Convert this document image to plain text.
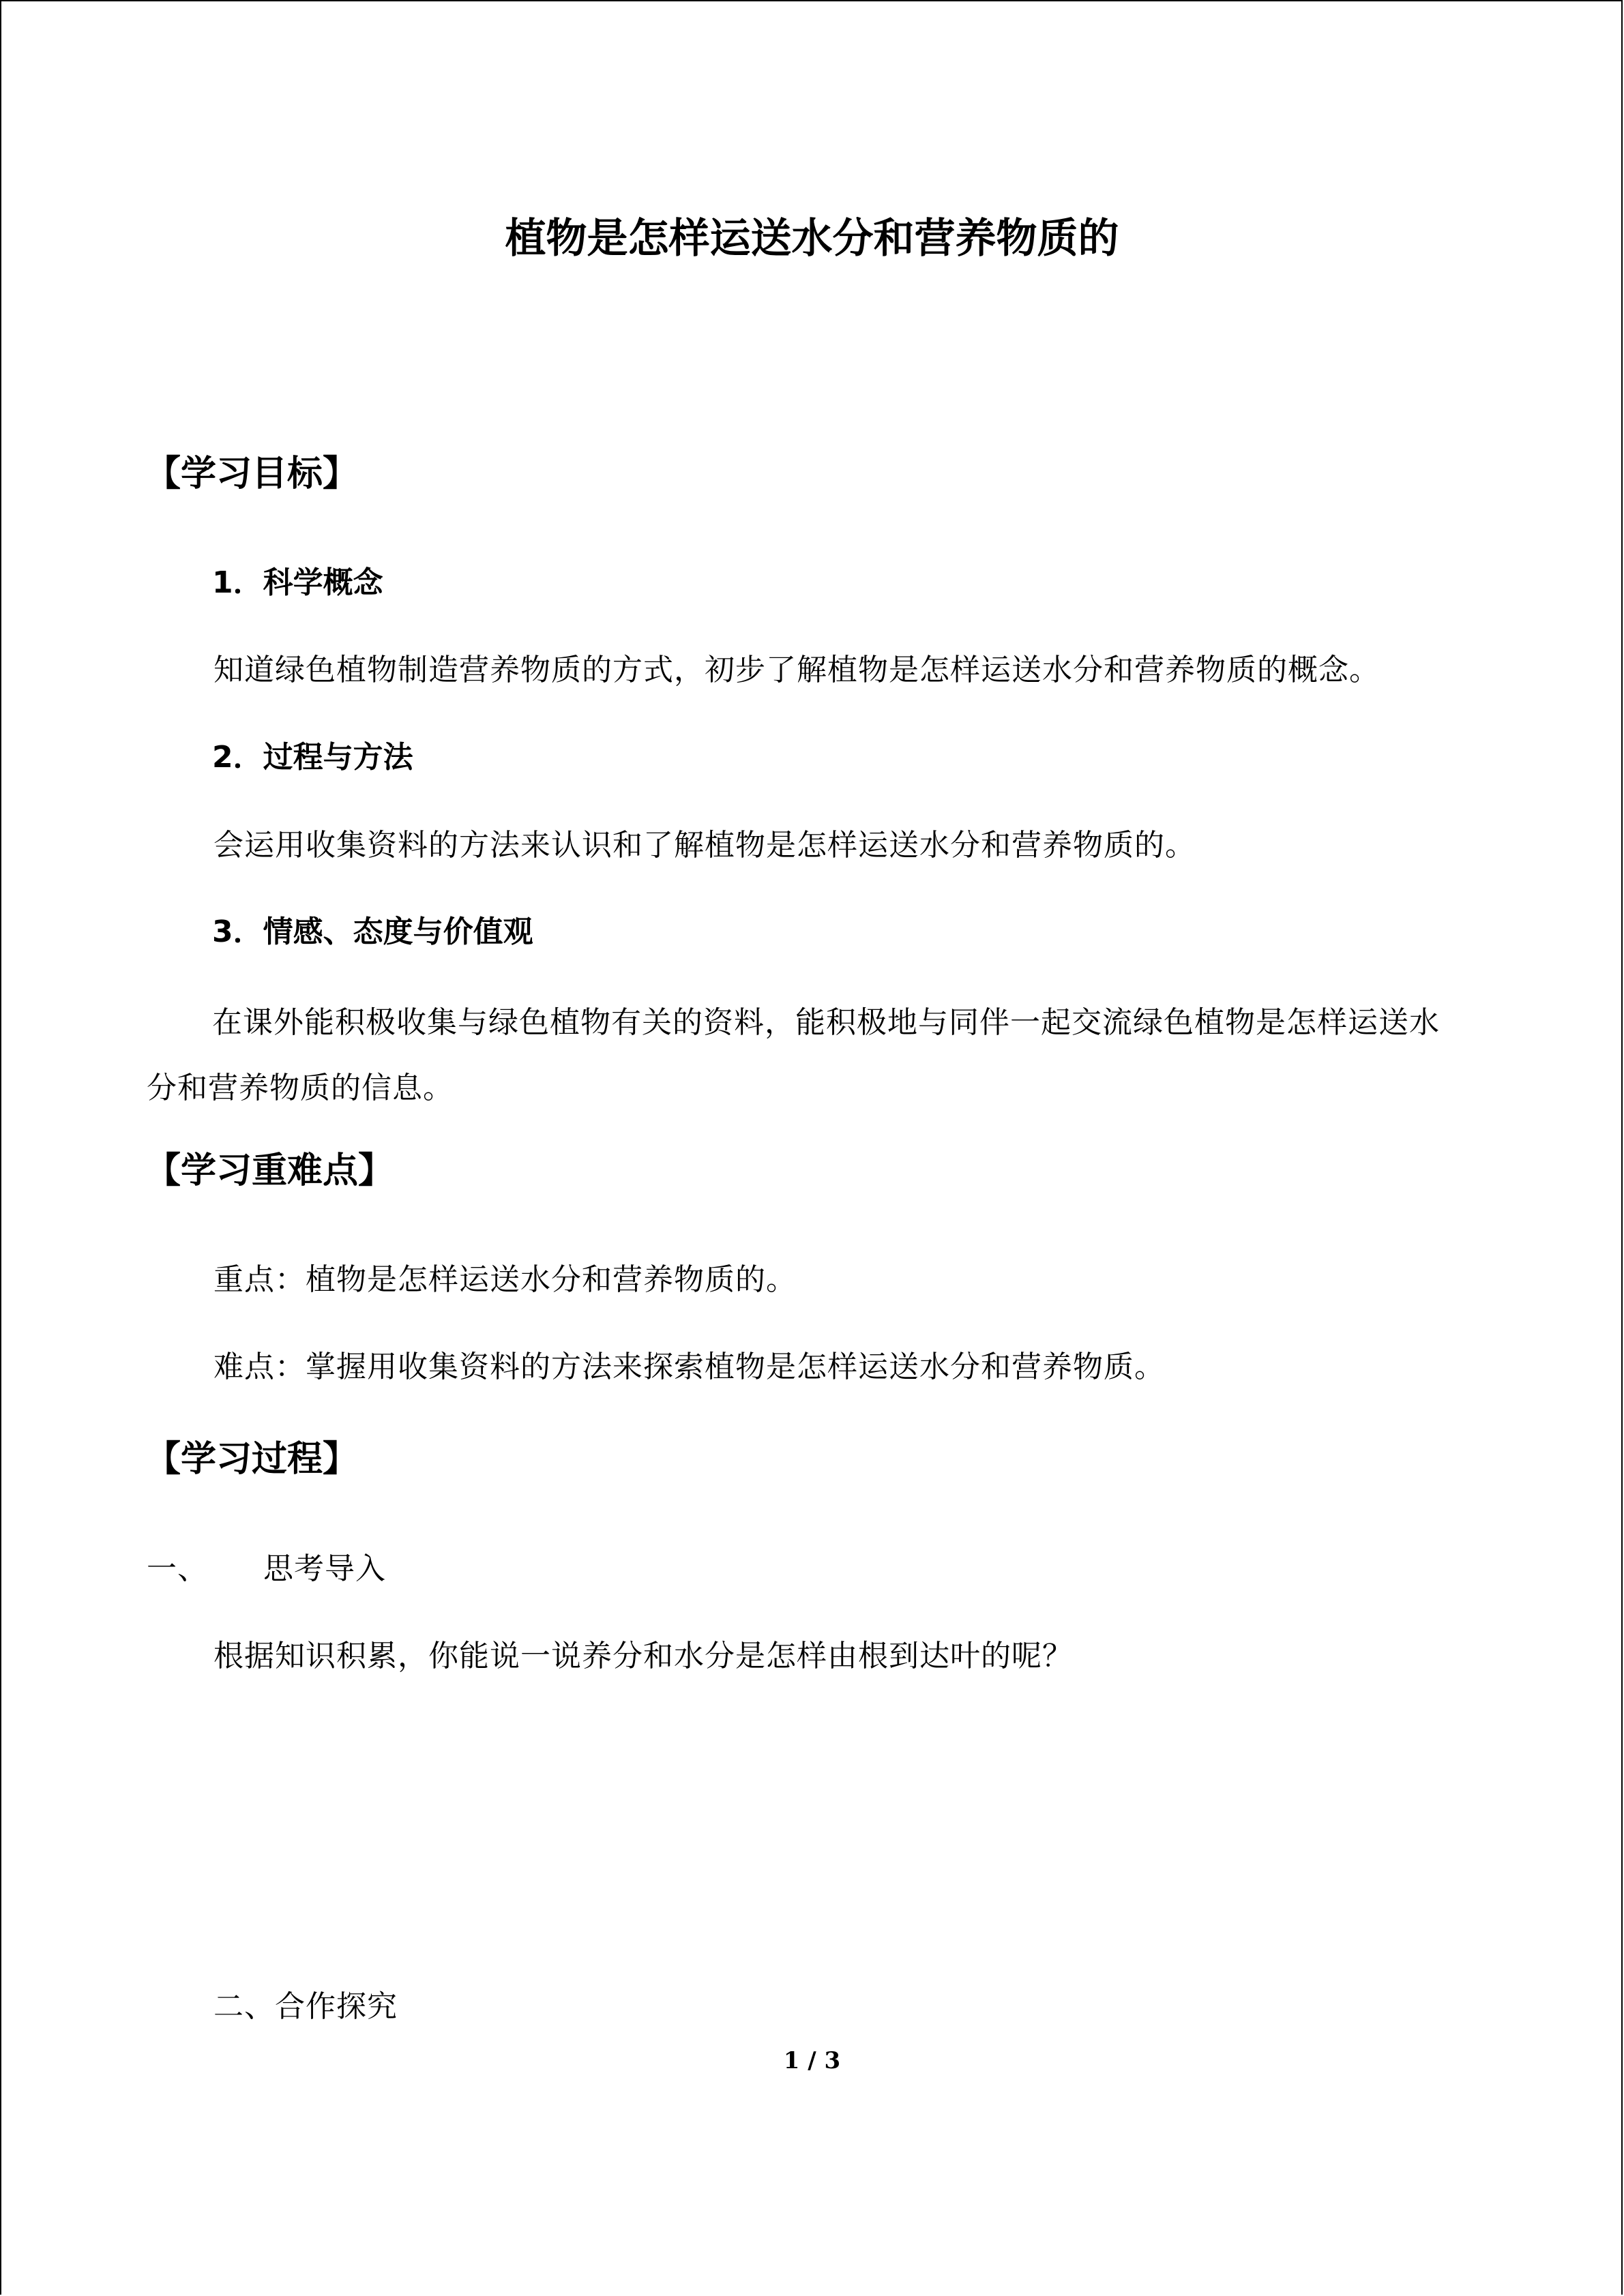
植物是怎样运送水分和营养物质的
【学习目标】
1．科学概念
知道绿色植物制造营养物质的方式，初步了解植物是怎样运送水分和营养物质的概念。
2．过程与方法
会运用收集资料的方法来认识和了解植物是怎样运送水分和营养物质的。
3．情感、态度与价值观
在课外能积极收集与绿色植物有关的资料，能积极地与同伴一起交流绿色植物是怎样运送水分和营养物质的信息。
【学习重难点】
重点：植物是怎样运送水分和营养物质的。
难点：掌握用收集资料的方法来探索植物是怎样运送水分和营养物质。
【学习过程】
一、 思考导入
根据知识积累，你能说一说养分和水分是怎样由根到达叶的呢？
二、合作探究
1 / 3
